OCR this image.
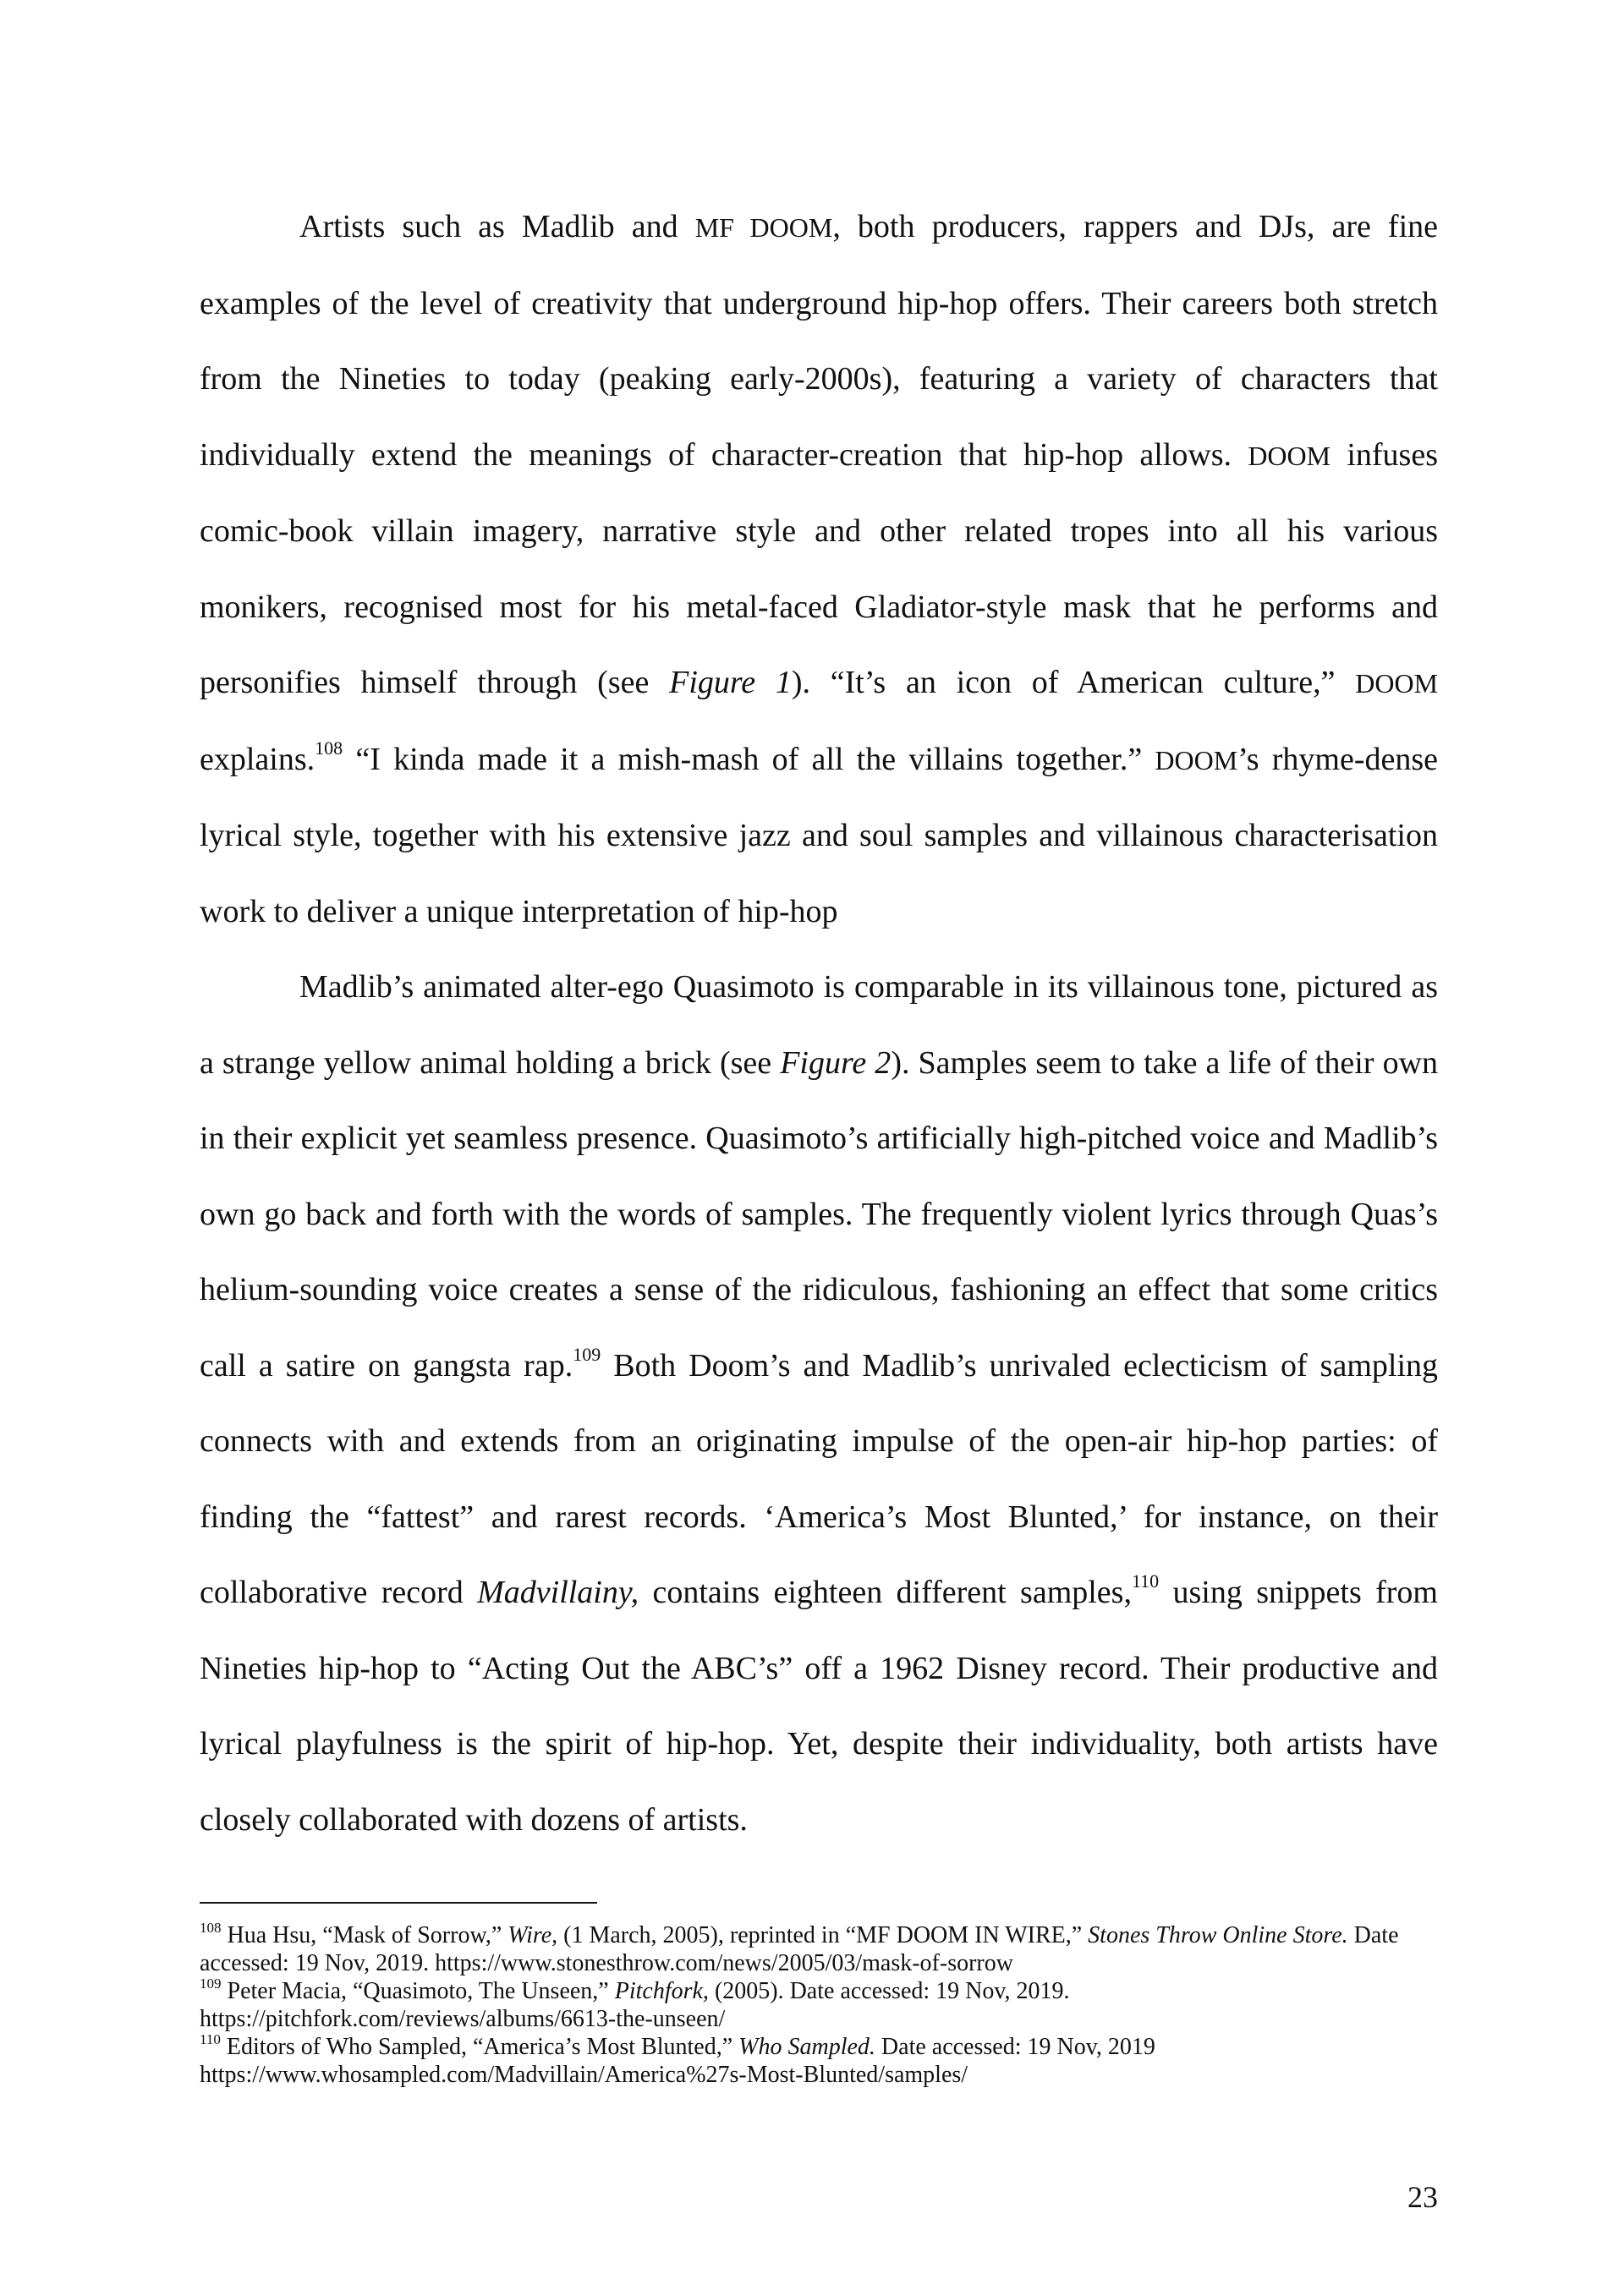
Artists such as Madlib and MF DOOM, both producers, rappers and DJs, are fine examples of the level of creativity that underground hip-hop offers. Their careers both stretch from the Nineties to today (peaking early-2000s), featuring a variety of characters that individually extend the meanings of character-creation that hip-hop allows. DOOM infuses comic-book villain imagery, narrative style and other related tropes into all his various monikers, recognised most for his metal-faced Gladiator-style mask that he performs and personifies himself through (see Figure 1). “It’s an icon of American culture,” DOOM explains.$^{108}$ “I kinda made it a mish-mash of all the villains together.” DOOM’s rhyme-dense lyrical style, together with his extensive jazz and soul samples and villainous characterisation work to deliver a unique interpretation of hip-hop

Madlib’s animated alter-ego Quasimoto is comparable in its villainous tone, pictured as a strange yellow animal holding a brick (see Figure 2). Samples seem to take a life of their own in their explicit yet seamless presence. Quasimoto’s artificially high-pitched voice and Madlib’s own go back and forth with the words of samples. The frequently violent lyrics through Quas’s helium-sounding voice creates a sense of the ridiculous, fashioning an effect that some critics call a satire on gangsta rap.$^{109}$ Both Doom’s and Madlib’s unrivaled eclecticism of sampling connects with and extends from an originating impulse of the open-air hip-hop parties: of finding the “fattest” and rarest records. ‘America’s Most Blunted,’ for instance, on their collaborative record Madvillainy, contains eighteen different samples,$^{110}$ using snippets from Nineties hip-hop to “Acting Out the ABC’s” off a 1962 Disney record. Their productive and lyrical playfulness is the spirit of hip-hop. Yet, despite their individuality, both artists have closely collaborated with dozens of artists.

$^{108}$ Hua Hsu, “Mask of Sorrow,” Wire, (1 March, 2005), reprinted in “MF DOOM IN WIRE,” Stones Throw Online Store. Date accessed: 19 Nov, 2019. https://www.stonesthrow.com/news/2005/03/mask-of-sorrow

$^{109}$ Peter Macia, “Quasimoto, The Unseen,” Pitchfork, (2005). Date accessed: 19 Nov, 2019. https://pitchfork.com/reviews/albums/6613-the-unseen/

$^{110}$ Editors of Who Sampled, “America’s Most Blunted,” Who Sampled. Date accessed: 19 Nov, 2019 https://www.whosampled.com/Madvillain/America%27s-Most-Blunted/samples/

23
